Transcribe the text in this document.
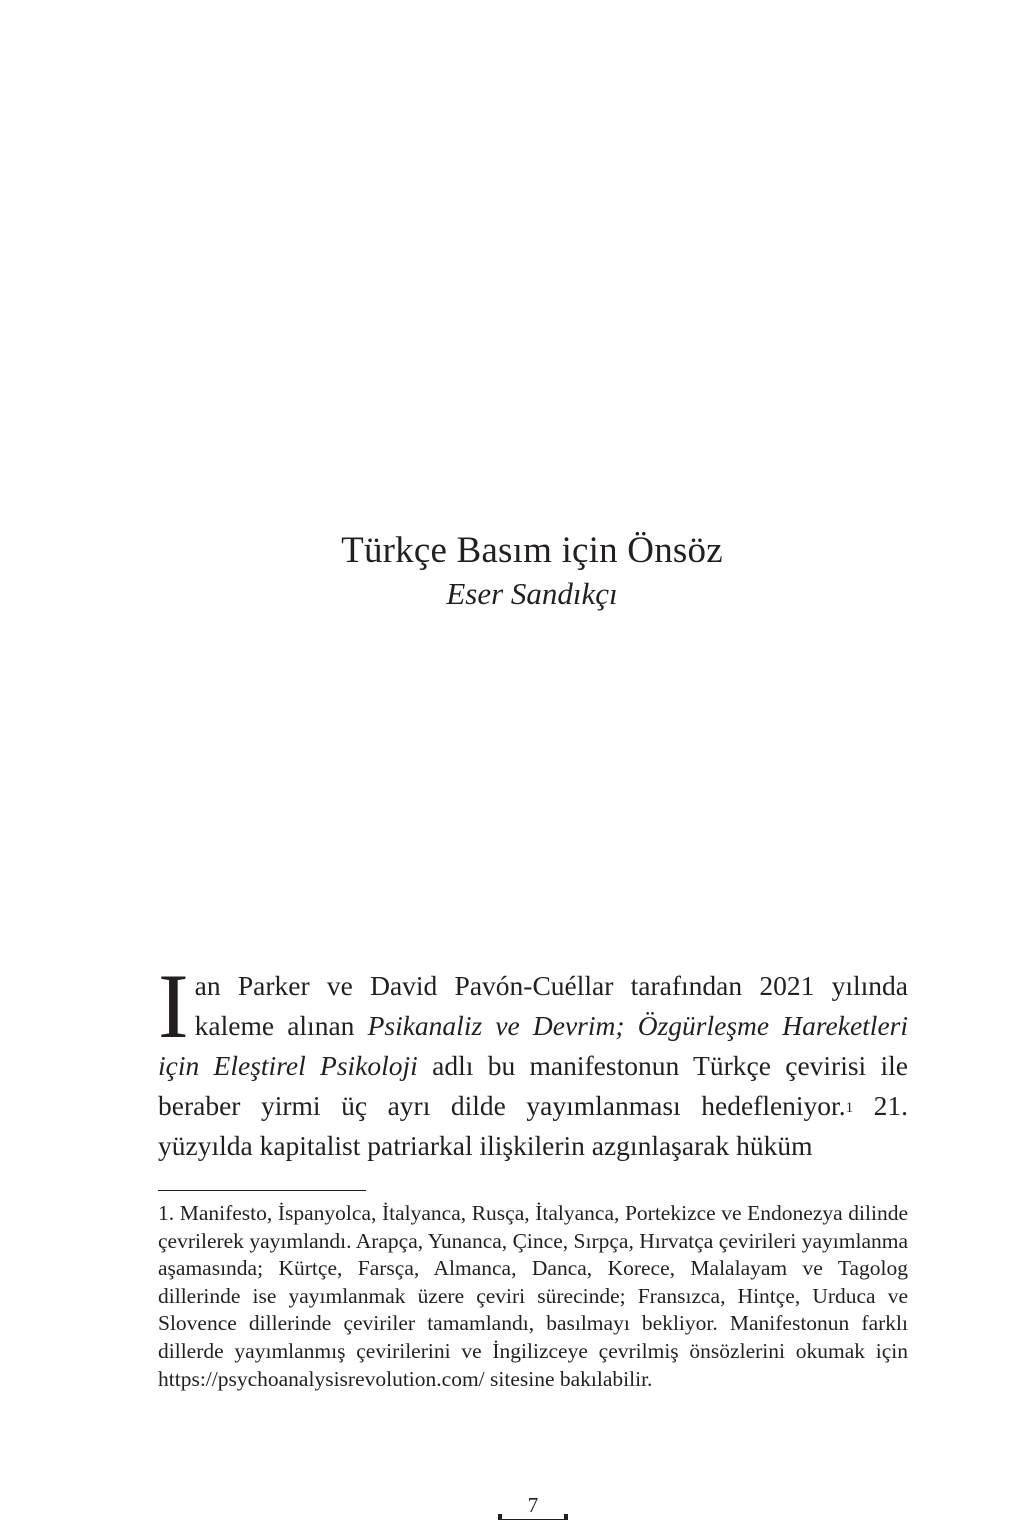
Türkçe Basım için Önsöz

Eser Sandıkçı

Ian Parker ve David Pavón-Cuéllar tarafından 2021 yılında kaleme alınan Psikanaliz ve Devrim; Özgürleşme Hareketleri için Eleştirel Psikoloji adlı bu manifestonun Türkçe çevirisi ile beraber yirmi üç ayrı dilde yayımlanması hedefleniyor.$^1$ 21. yüzyılda kapitalist patriarkal ilişkilerin azgınlaşarak hüküm

1. Manifesto, İspanyolca, İtalyanca, Rusça, İtalyanca, Portekizce ve Endonezya dilinde çevrilerek yayımlandı. Arapça, Yunanca, Çince, Sırpça, Hırvatça çevirileri yayımlanma aşamasında; Kürtçe, Farsça, Almanca, Danca, Korece, Malalayam ve Tagolog dillerinde ise yayımlanmak üzere çeviri sürecinde; Fransızca, Hintçe, Urduca ve Slovence dillerinde çeviriler tamamlandı, basılmayı bekliyor. Manifestonun farklı dillerde yayımlanmış çevirilerini ve İngilizceye çevrilmiş önsözlerini okumak için https://psychoanalysisrevolution.com/ sitesine bakılabilir.

7
